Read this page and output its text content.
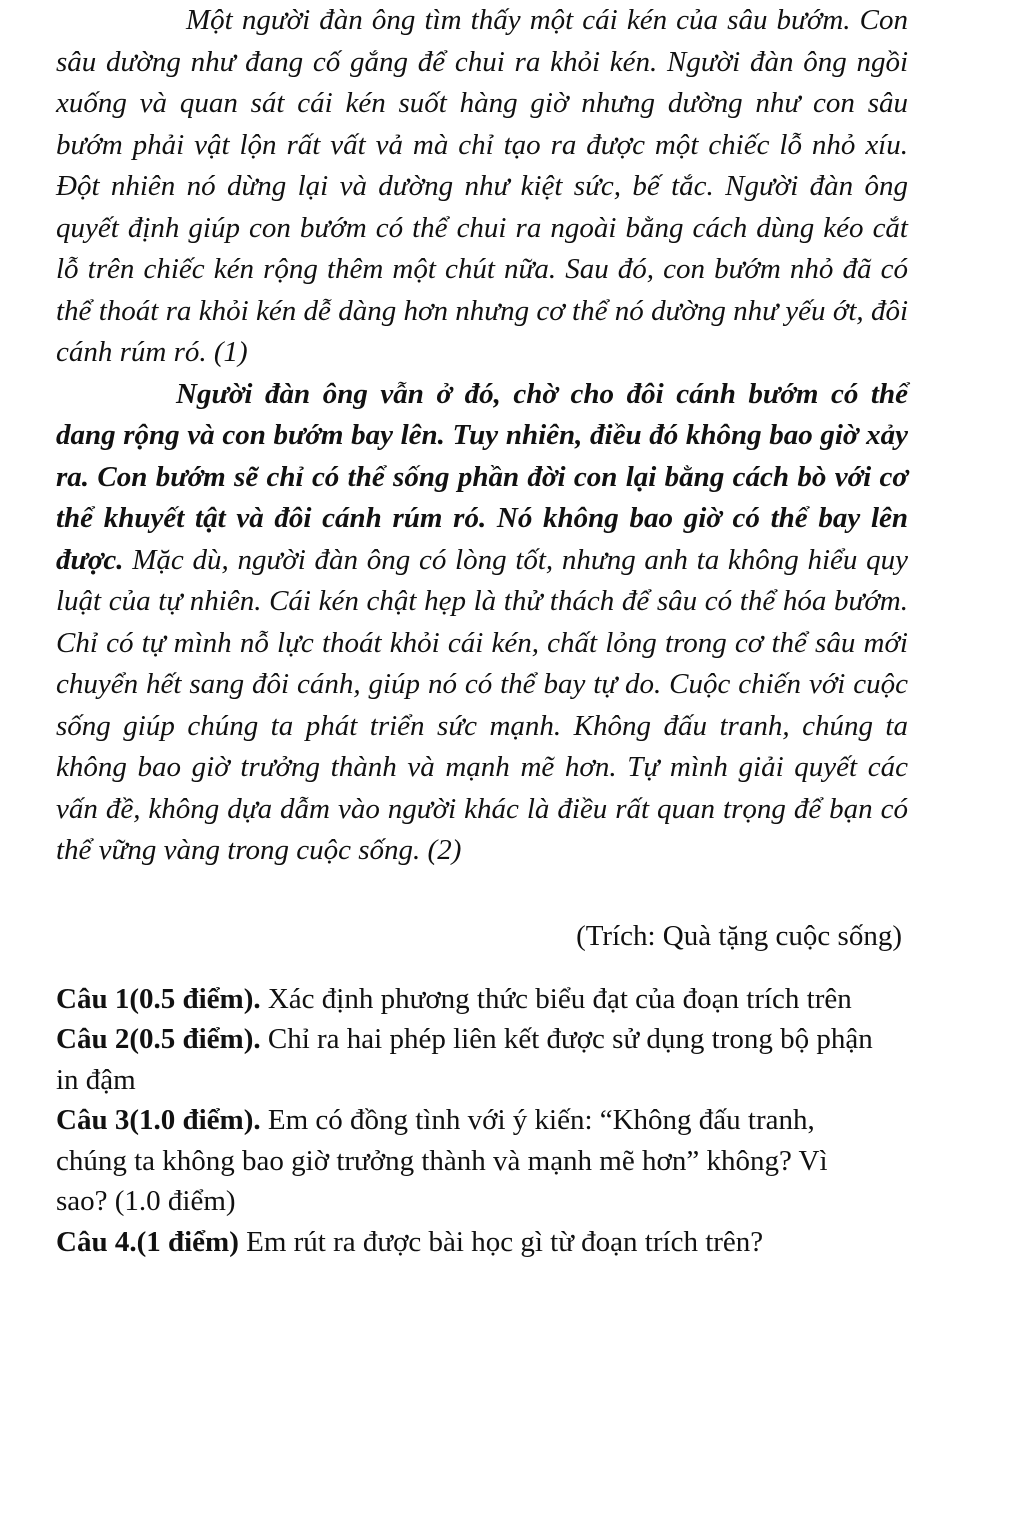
Một người đàn ông tìm thấy một cái kén của sâu bướm. Con sâu dường như đang cố gắng để chui ra khỏi kén. Người đàn ông ngồi xuống và quan sát cái kén suốt hàng giờ nhưng dường như con sâu bướm phải vật lộn rất vất vả mà chỉ tạo ra được một chiếc lỗ nhỏ xíu. Đột nhiên nó dừng lại và dường như kiệt sức, bế tắc. Người đàn ông quyết định giúp con bướm có thể chui ra ngoài bằng cách dùng kéo cắt lỗ trên chiếc kén rộng thêm một chút nữa. Sau đó, con bướm nhỏ đã có thể thoát ra khỏi kén dễ dàng hơn nhưng cơ thể nó dường như yếu ớt, đôi cánh rúm ró. (1)

Người đàn ông vẫn ở đó, chờ cho đôi cánh bướm có thể dang rộng và con bướm bay lên. Tuy nhiên, điều đó không bao giờ xảy ra. Con bướm sẽ chỉ có thể sống phần đời con lại bằng cách bò với cơ thể khuyết tật và đôi cánh rúm ró. Nó không bao giờ có thể bay lên được. Mặc dù, người đàn ông có lòng tốt, nhưng anh ta không hiểu quy luật của tự nhiên. Cái kén chật hẹp là thử thách để sâu có thể hóa bướm. Chỉ có tự mình nỗ lực thoát khỏi cái kén, chất lỏng trong cơ thể sâu mới chuyển hết sang đôi cánh, giúp nó có thể bay tự do. Cuộc chiến với cuộc sống giúp chúng ta phát triển sức mạnh. Không đấu tranh, chúng ta không bao giờ trưởng thành và mạnh mẽ hơn. Tự mình giải quyết các vấn đề, không dựa dẫm vào người khác là điều rất quan trọng để bạn có thể vững vàng trong cuộc sống. (2)

(Trích: Quà tặng cuộc sống)

Câu 1(0.5 điểm). Xác định phương thức biểu đạt của đoạn trích trên

Câu 2(0.5 điểm). Chỉ ra hai phép liên kết được sử dụng trong bộ phận in đậm

Câu 3(1.0 điểm). Em có đồng tình với ý kiến: “Không đấu tranh, chúng ta không bao giờ trưởng thành và mạnh mẽ hơn” không? Vì sao? (1.0 điểm)

Câu 4.(1 điểm) Em rút ra được bài học gì từ đoạn trích trên?
